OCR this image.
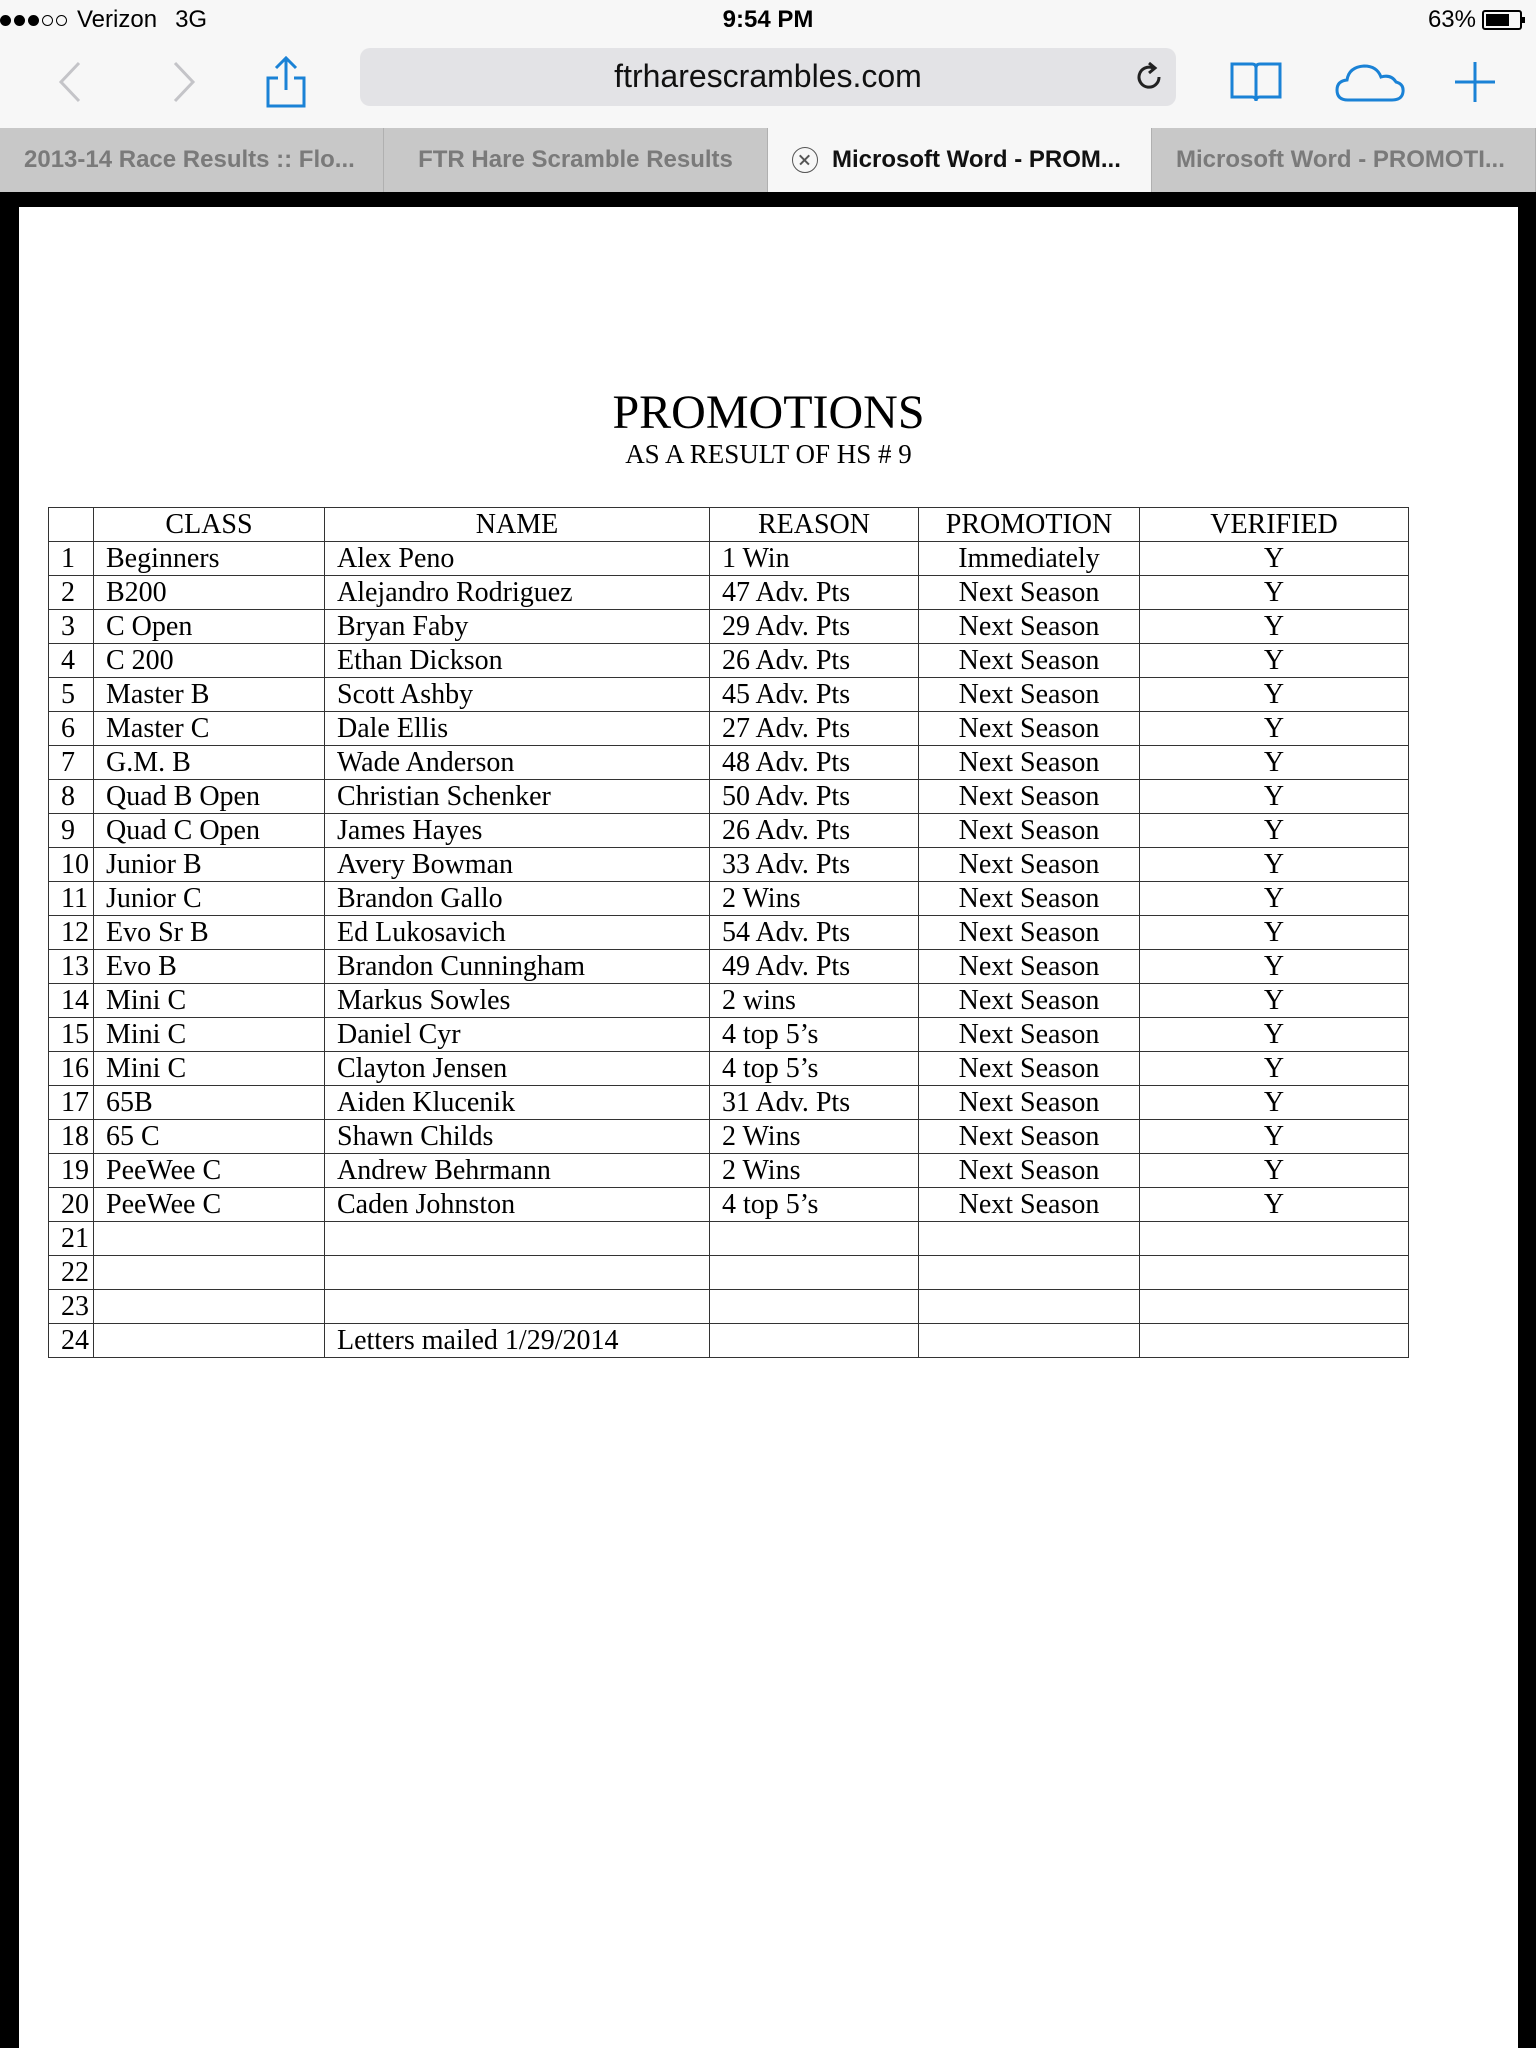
Verizon 3G	9:54 PM	63%
ftrharescrambles.com
2013-14 Race Results :: Flo...	FTR Hare Scramble Results	Microsoft Word - PROM... Microsoft Word - PROMOTI...
PROMOTIONS
AS A RESULT OF HS # 9
	CLASS	NAME	REASON	PROMOTION	VERIFIED
1	Beginners	Alex Peno	1 Win	Immediately	Y
2	B200	Alejandro Rodriguez	47 Adv. Pts	Next Season	Y
3	C Open	Bryan Faby	29 Adv. Pts	Next Season	Y
4	C 200	Ethan Dickson	26 Adv. Pts	Next Season	Y
5	Master B	Scott Ashby	45 Adv. Pts	Next Season	Y
6	Master C	Dale Ellis	27 Adv. Pts	Next Season	Y
7	G.M. B	Wade Anderson	48 Adv. Pts	Next Season	Y
8	Quad B Open	Christian Schenker	50 Adv. Pts	Next Season	Y
9	Quad C Open	James Hayes	26 Adv. Pts	Next Season	Y
10	Junior B	Avery Bowman	33 Adv. Pts	Next Season	Y
11	Junior C	Brandon Gallo	2 Wins	Next Season	Y
12	Evo Sr B	Ed Lukosavich	54 Adv. Pts	Next Season	Y
13	Evo B	Brandon Cunningham	49 Adv. Pts	Next Season	Y
14	Mini C	Markus Sowles	2 wins	Next Season	Y
15	Mini C	Daniel Cyr	4 top 5’s	Next Season	Y
16	Mini C	Clayton Jensen	4 top 5’s	Next Season	Y
17	65B	Aiden Klucenik	31 Adv. Pts	Next Season	Y
18	65 C	Shawn Childs	2 Wins	Next Season	Y
19	PeeWee C	Andrew Behrmann	2 Wins	Next Season	Y
20	PeeWee C	Caden Johnston	4 top 5’s	Next Season	Y
21					
22					
23					
24		Letters mailed 1/29/2014			
